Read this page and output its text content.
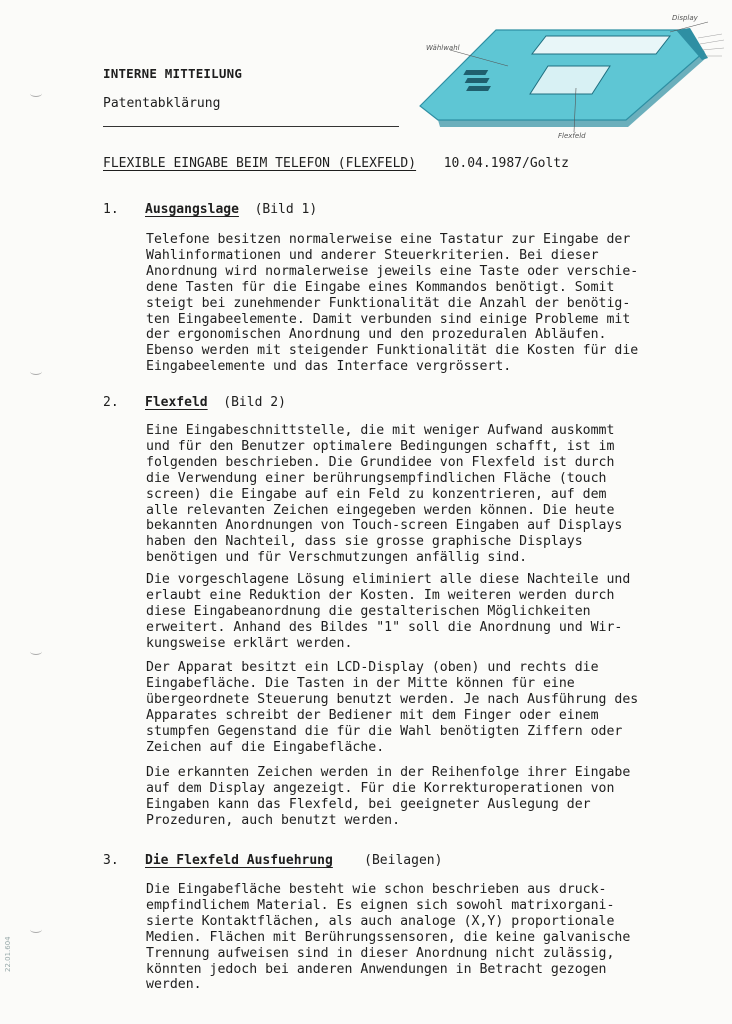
INTERNE MITTEILUNG
Patentabklärung
Display
Wählwahl
Flexfeld
FLEXIBLE EINGABE BEIM TELEFON (FLEXFELD) 10.04.1987/Goltz
1. Ausgangslage (Bild 1)
Telefone besitzen normalerweise eine Tastatur zur Eingabe der
Wahlinformationen und anderer Steuerkriterien. Bei dieser
Anordnung wird normalerweise jeweils eine Taste oder verschie-
dene Tasten für die Eingabe eines Kommandos benötigt. Somit
steigt bei zunehmender Funktionalität die Anzahl der benötig-
ten Eingabeelemente. Damit verbunden sind einige Probleme mit
der ergonomischen Anordnung und den prozeduralen Abläufen.
Ebenso werden mit steigender Funktionalität die Kosten für die
Eingabeelemente und das Interface vergrössert.
2. Flexfeld (Bild 2)
Eine Eingabeschnittstelle, die mit weniger Aufwand auskommt
und für den Benutzer optimalere Bedingungen schafft, ist im
folgenden beschrieben. Die Grundidee von Flexfeld ist durch
die Verwendung einer berührungsempfindlichen Fläche (touch
screen) die Eingabe auf ein Feld zu konzentrieren, auf dem
alle relevanten Zeichen eingegeben werden können. Die heute
bekannten Anordnungen von Touch-screen Eingaben auf Displays
haben den Nachteil, dass sie grosse graphische Displays
benötigen und für Verschmutzungen anfällig sind.
Die vorgeschlagene Lösung eliminiert alle diese Nachteile und
erlaubt eine Reduktion der Kosten. Im weiteren werden durch
diese Eingabeanordnung die gestalterischen Möglichkeiten
erweitert. Anhand des Bildes "1" soll die Anordnung und Wir-
kungsweise erklärt werden.
Der Apparat besitzt ein LCD-Display (oben) und rechts die
Eingabefläche. Die Tasten in der Mitte können für eine
übergeordnete Steuerung benutzt werden. Je nach Ausführung des
Apparates schreibt der Bediener mit dem Finger oder einem
stumpfen Gegenstand die für die Wahl benötigten Ziffern oder
Zeichen auf die Eingabefläche.
Die erkannten Zeichen werden in der Reihenfolge ihrer Eingabe
auf dem Display angezeigt. Für die Korrekturoperationen von
Eingaben kann das Flexfeld, bei geeigneter Auslegung der
Prozeduren, auch benutzt werden.
3. Die Flexfeld Ausfuehrung (Beilagen)
Die Eingabefläche besteht wie schon beschrieben aus druck-
empfindlichem Material. Es eignen sich sowohl matrixorgani-
sierte Kontaktflächen, als auch analoge (X,Y) proportionale
Medien. Flächen mit Berührungssensoren, die keine galvanische
Trennung aufweisen sind in dieser Anordnung nicht zulässig,
könnten jedoch bei anderen Anwendungen in Betracht gezogen
werden.
22.01.604
